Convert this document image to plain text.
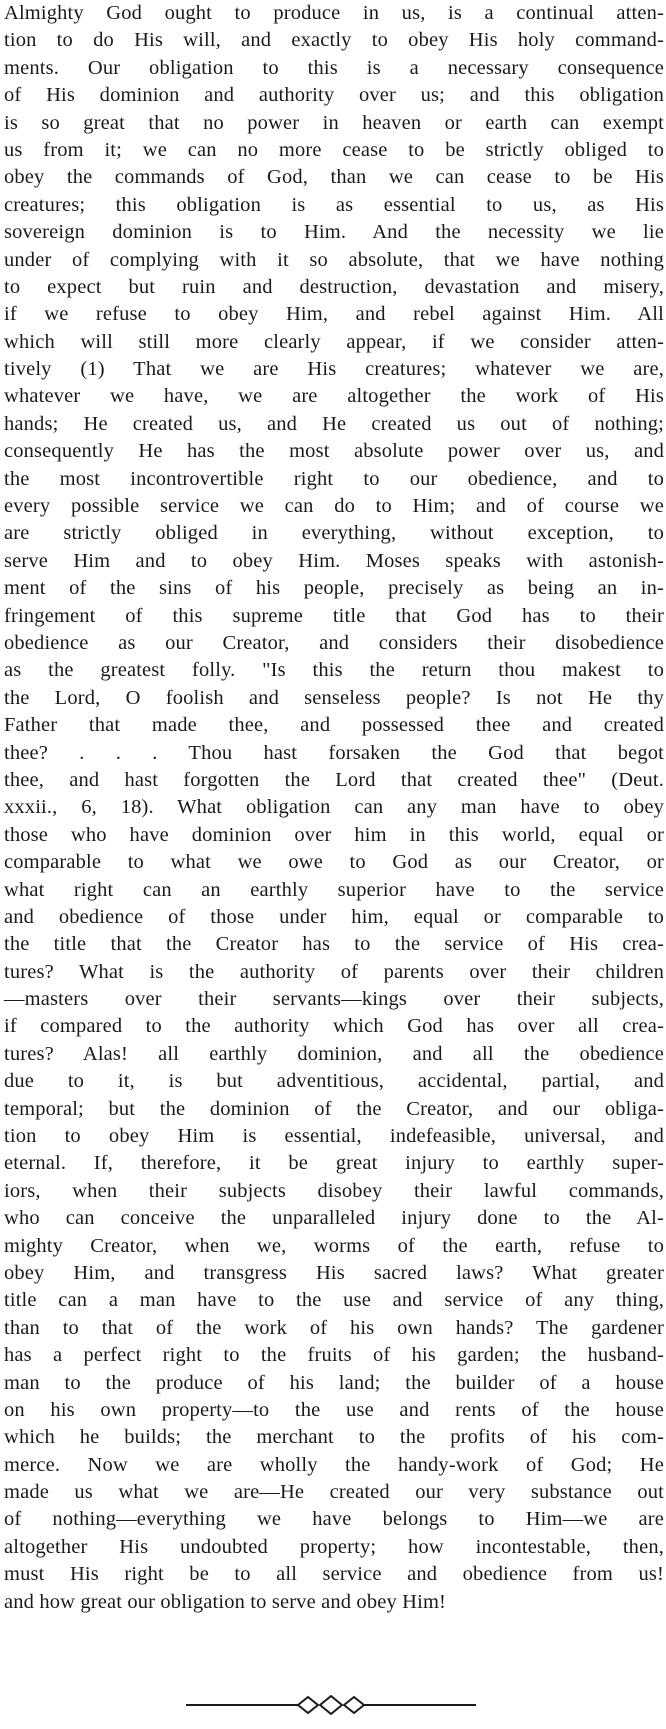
Almighty God ought to produce in us, is a continual atten-
tion to do His will, and exactly to obey His holy command-
ments. Our obligation to this is a necessary consequence
of His dominion and authority over us; and this obligation
is so great that no power in heaven or earth can exempt
us from it; we can no more cease to be strictly obliged to
obey the commands of God, than we can cease to be His
creatures; this obligation is as essential to us, as His
sovereign dominion is to Him. And the necessity we lie
under of complying with it so absolute, that we have nothing
to expect but ruin and destruction, devastation and misery,
if we refuse to obey Him, and rebel against Him. All
which will still more clearly appear, if we consider atten-
tively (1) That we are His creatures; whatever we are,
whatever we have, we are altogether the work of His
hands; He created us, and He created us out of nothing;
consequently He has the most absolute power over us, and
the most incontrovertible right to our obedience, and to
every possible service we can do to Him; and of course we
are strictly obliged in everything, without exception, to
serve Him and to obey Him. Moses speaks with astonish-
ment of the sins of his people, precisely as being an in-
fringement of this supreme title that God has to their
obedience as our Creator, and considers their disobedience
as the greatest folly. "Is this the return thou makest to
the Lord, O foolish and senseless people? Is not He thy
Father that made thee, and possessed thee and created
thee? . . . Thou hast forsaken the God that begot
thee, and hast forgotten the Lord that created thee" (Deut.
xxxii., 6, 18). What obligation can any man have to obey
those who have dominion over him in this world, equal or
comparable to what we owe to God as our Creator, or
what right can an earthly superior have to the service
and obedience of those under him, equal or comparable to
the title that the Creator has to the service of His crea-
tures? What is the authority of parents over their children
—masters over their servants—kings over their subjects,
if compared to the authority which God has over all crea-
tures? Alas! all earthly dominion, and all the obedience
due to it, is but adventitious, accidental, partial, and
temporal; but the dominion of the Creator, and our obliga-
tion to obey Him is essential, indefeasible, universal, and
eternal. If, therefore, it be great injury to earthly super-
iors, when their subjects disobey their lawful commands,
who can conceive the unparalleled injury done to the Al-
mighty Creator, when we, worms of the earth, refuse to
obey Him, and transgress His sacred laws? What greater
title can a man have to the use and service of any thing,
than to that of the work of his own hands? The gardener
has a perfect right to the fruits of his garden; the husband-
man to the produce of his land; the builder of a house
on his own property—to the use and rents of the house
which he builds; the merchant to the profits of his com-
merce. Now we are wholly the handy-work of God; He
made us what we are—He created our very substance out
of nothing—everything we have belongs to Him—we are
altogether His undoubted property; how incontestable, then,
must His right be to all service and obedience from us!
and how great our obligation to serve and obey Him!
